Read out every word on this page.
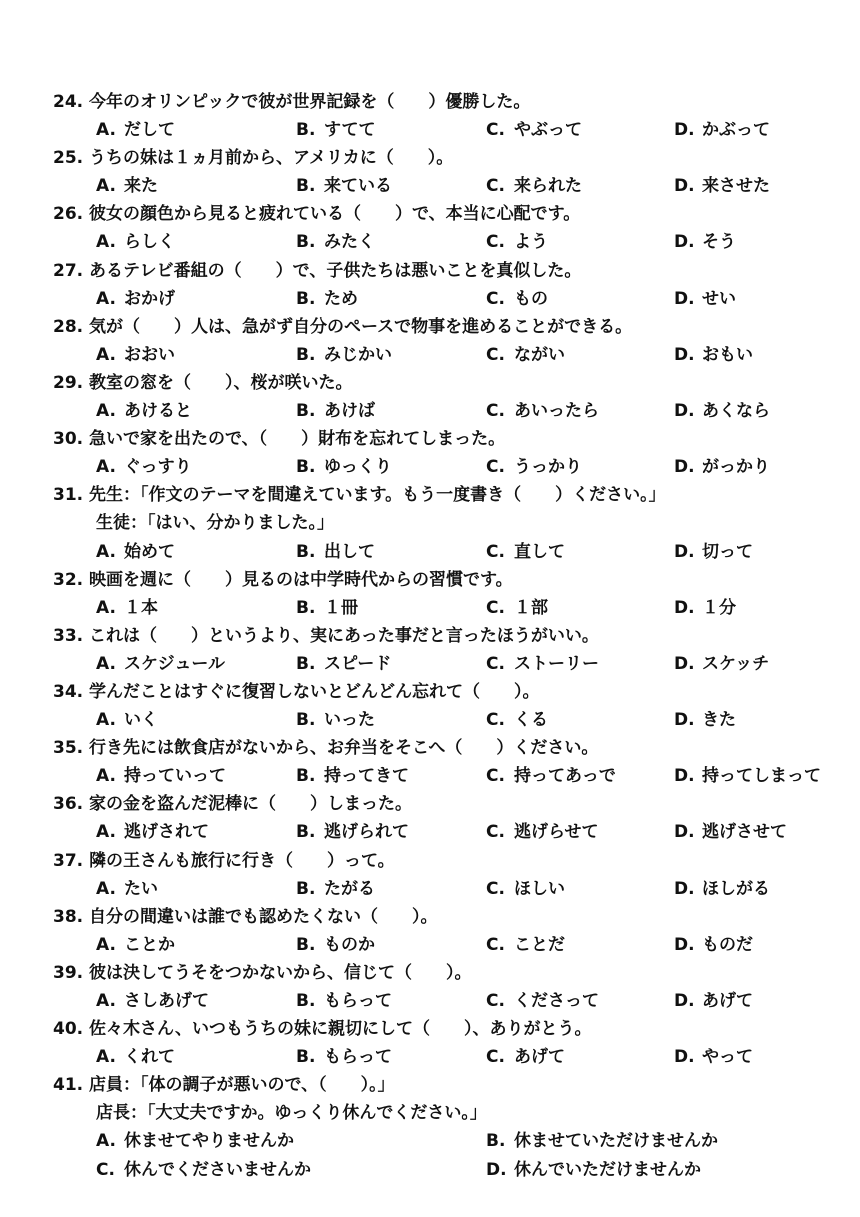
24. 今年のオリンピックで彼が世界記録を（　　）優勝した。
A. だして	B. すてて	C. やぶって	D. かぶって
25. うちの妹は１ヵ月前から、アメリカに（　　）。
A. 来た	B. 来ている	C. 来られた	D. 来させた
26. 彼女の顔色から見ると疲れている（　　）で、本当に心配です。
A. らしく	B. みたく	C. よう	D. そう
27. あるテレビ番組の（　　）で、子供たちは悪いことを真似した。
A. おかげ	B. ため	C. もの	D. せい
28. 気が（　　）人は、急がず自分のペースで物事を進めることができる。
A. おおい	B. みじかい	C. ながい	D. おもい
29. 教室の窓を（　　）、桜が咲いた。
A. あけると	B. あけば	C. あいったら	D. あくなら
30. 急いで家を出たので、（　　）財布を忘れてしまった。
A. ぐっすり	B. ゆっくり	C. うっかり	D. がっかり
31. 先生：「作文のテーマを間違えています。もう一度書き（　　）ください。」
生徒：「はい、分かりました。」
A. 始めて	B. 出して	C. 直して	D. 切って
32. 映画を週に（　　）見るのは中学時代からの習慣です。
A. １本	B. １冊	C. １部	D. １分
33. これは（　　）というより、実にあった事だと言ったほうがいい。
A. スケジュール	B. スピード	C. ストーリー	D. スケッチ
34. 学んだことはすぐに復習しないとどんどん忘れて（　　）。
A. いく	B. いった	C. くる	D. きた
35. 行き先には飲食店がないから、お弁当をそこへ（　　）ください。
A. 持っていって	B. 持ってきて	C. 持ってあっで	D. 持ってしまって
36. 家の金を盗んだ泥棒に（　　）しまった。
A. 逃げされて	B. 逃げられて	C. 逃げらせて	D. 逃げさせて
37. 隣の王さんも旅行に行き（　　）って。
A. たい	B. たがる	C. ほしい	D. ほしがる
38. 自分の間違いは誰でも認めたくない（　　）。
A. ことか	B. ものか	C. ことだ	D. ものだ
39. 彼は決してうそをつかないから、信じて（　　）。
A. さしあげて	B. もらって	C. くださって	D. あげて
40. 佐々木さん、いつもうちの妹に親切にして（　　）、ありがとう。
A. くれて	B. もらって	C. あげて	D. やって
41. 店員：「体の調子が悪いので、（　　）。」
店長：「大丈夫ですか。ゆっくり休んでください。」
A. 休ませてやりませんか	B. 休ませていただけませんか
C. 休んでくださいませんか	D. 休んでいただけませんか
